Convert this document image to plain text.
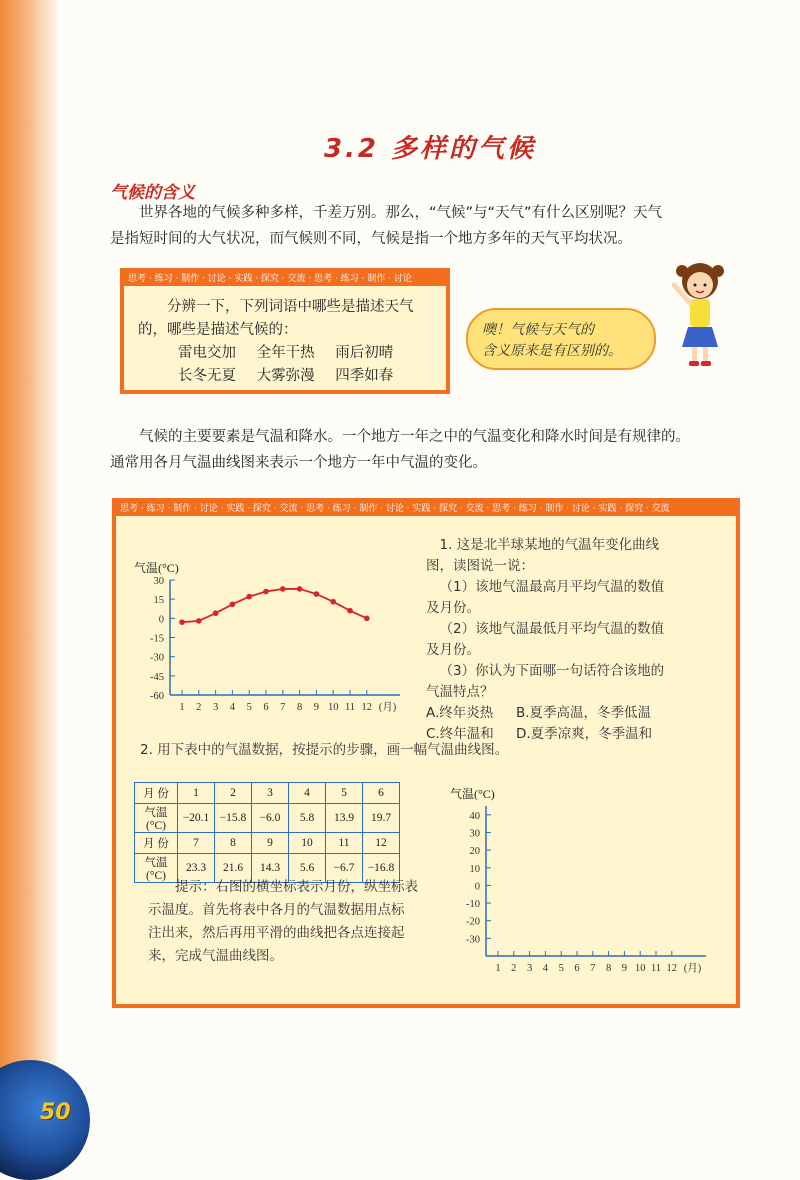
50
3.2 多样的气候
气候的含义
世界各地的气候多种多样，千差万别。那么，“气候”与“天气”有什么区别呢？天气
是指短时间的大气状况，而气候则不同，气候是指一个地方多年的天气平均状况。
思考 · 练习 · 制作 · 讨论 · 实践 · 探究 · 交流 · 思考 · 练习 · 制作 · 讨论
分辨一下，下列词语中哪些是描述天气
的，哪些是描述气候的：
雷电交加 全年干热 雨后初晴
长冬无夏 大雾弥漫 四季如春
噢！气候与天气的
含义原来是有区别的。
气候的主要要素是气温和降水。一个地方一年之中的气温变化和降水时间是有规律的。
通常用各月气温曲线图来表示一个地方一年中气温的变化。
思考 · 练习 · 制作 · 讨论 · 实践 · 探究 · 交流 · 思考 · 练习 · 制作 · 讨论 · 实践 · 探究 · 交流 · 思考 · 练习 · 制作 · 讨论 · 实践 · 探究 · 交流
气温(°C)
30
15
0
-15
-30
-45
-60
1 2 3 4 5 6 7 8 9 10 11 12 (月)
1. 这是北半球某地的气温年变化曲线
图，读图说一说：
（1）该地气温最高月平均气温的数值
及月份。
（2）该地气温最低月平均气温的数值
及月份。
（3）你认为下面哪一句话符合该地的
气温特点？
A.终年炎热 B.夏季高温，冬季低温
C.终年温和 D.夏季凉爽，冬季温和
2. 用下表中的气温数据，按提示的步骤，画一幅气温曲线图。
月 份	1	2	3	4	5	6
气温(°C)	−20.1	−15.8	−6.0	5.8	13.9	19.7
月 份	7	8	9	10	11	12
气温(°C)	23.3	21.6	14.3	5.6	−6.7	−16.8
提示：右图的横坐标表示月份，纵坐标表
示温度。首先将表中各月的气温数据用点标
注出来，然后再用平滑的曲线把各点连接起
来，完成气温曲线图。
气温(°C)
40
30
20
10
0
-10
-20
-30
1 2 3 4 5 6 7 8 9 10 11 12 (月)
